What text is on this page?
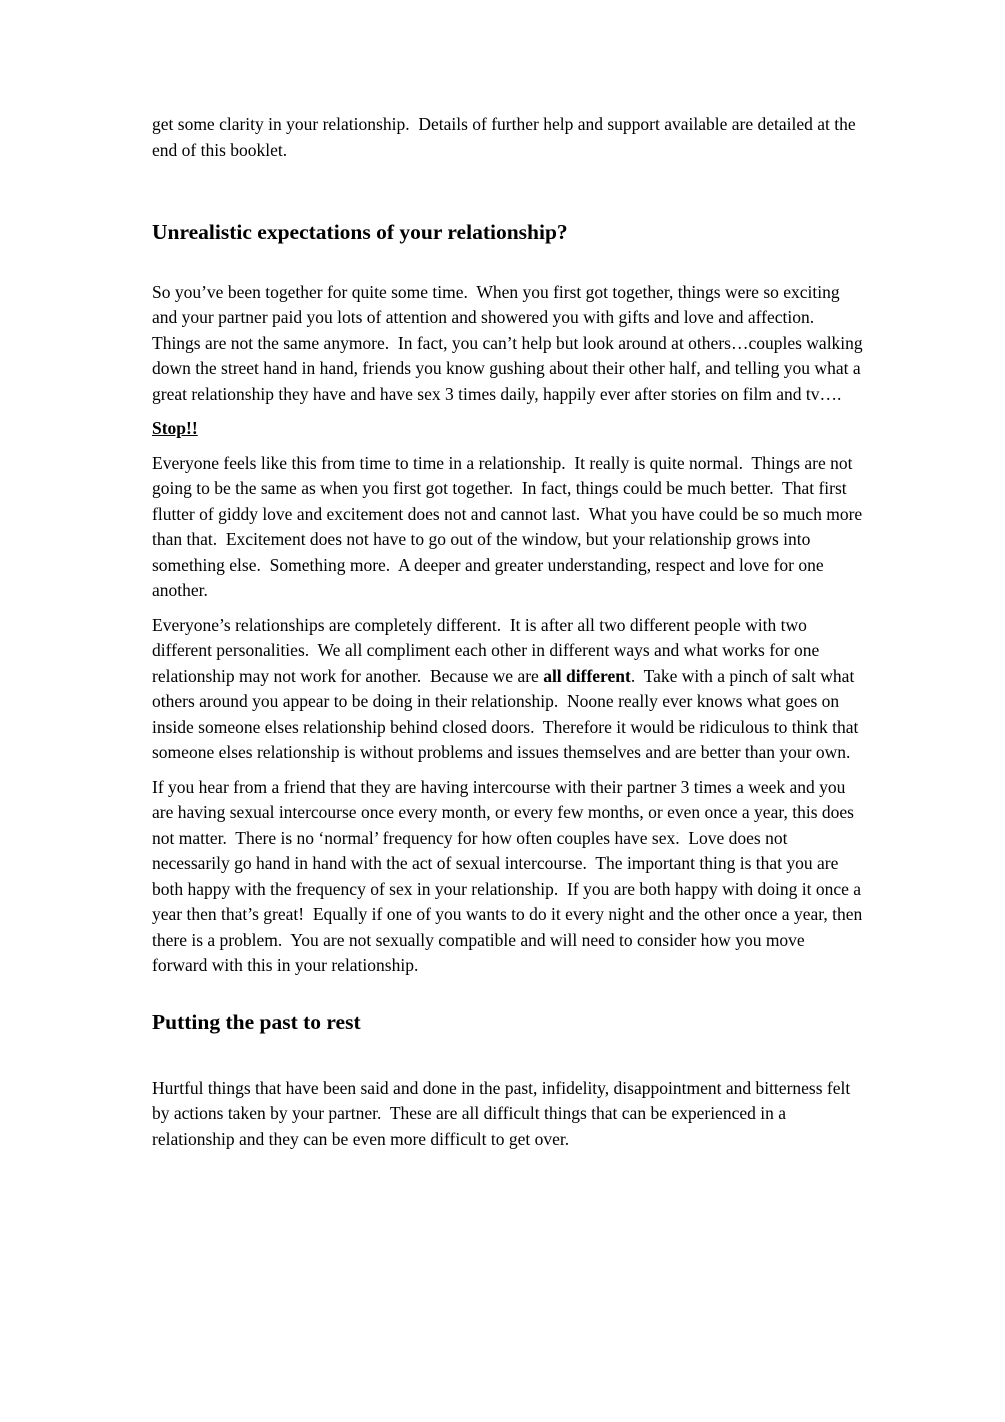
get some clarity in your relationship.  Details of further help and support available are detailed at the end of this booklet.

Unrealistic expectations of your relationship?

So you’ve been together for quite some time.  When you first got together, things were so exciting and your partner paid you lots of attention and showered you with gifts and love and affection.  Things are not the same anymore.  In fact, you can’t help but look around at others…couples walking down the street hand in hand, friends you know gushing about their other half, and telling you what a great relationship they have and have sex 3 times daily, happily ever after stories on film and tv….

Stop!!

Everyone feels like this from time to time in a relationship.  It really is quite normal.  Things are not going to be the same as when you first got together.  In fact, things could be much better.  That first flutter of giddy love and excitement does not and cannot last.  What you have could be so much more than that.  Excitement does not have to go out of the window, but your relationship grows into something else.  Something more.  A deeper and greater understanding, respect and love for one another.

Everyone’s relationships are completely different.  It is after all two different people with two different personalities.  We all compliment each other in different ways and what works for one relationship may not work for another.  Because we are all different.  Take with a pinch of salt what others around you appear to be doing in their relationship.  Noone really ever knows what goes on inside someone elses relationship behind closed doors.  Therefore it would be ridiculous to think that someone elses relationship is without problems and issues themselves and are better than your own.

If you hear from a friend that they are having intercourse with their partner 3 times a week and you are having sexual intercourse once every month, or every few months, or even once a year, this does not matter.  There is no ‘normal’ frequency for how often couples have sex.  Love does not necessarily go hand in hand with the act of sexual intercourse.  The important thing is that you are both happy with the frequency of sex in your relationship.  If you are both happy with doing it once a year then that’s great!  Equally if one of you wants to do it every night and the other once a year, then there is a problem.  You are not sexually compatible and will need to consider how you move forward with this in your relationship.

Putting the past to rest

Hurtful things that have been said and done in the past, infidelity, disappointment and bitterness felt by actions taken by your partner.  These are all difficult things that can be experienced in a relationship and they can be even more difficult to get over.
